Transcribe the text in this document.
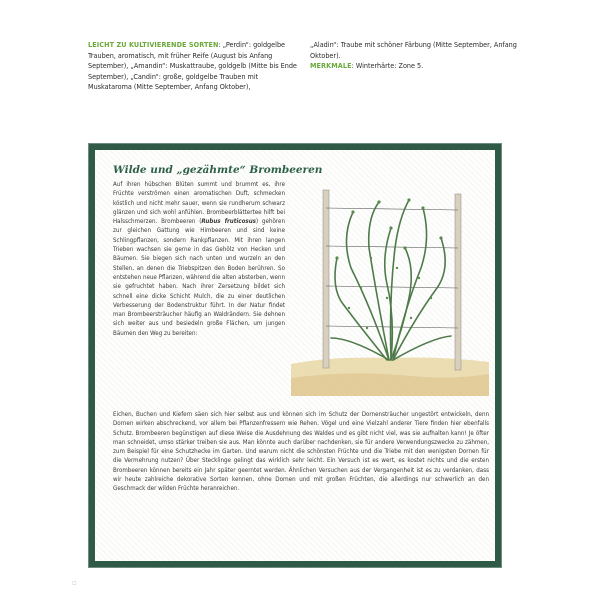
LEICHT ZU KULTIVIERENDE SORTEN: „Perdin“: goldgelbe Trauben, aromatisch, mit früher Reife (August bis Anfang September), „Amandin“: Muskattraube, goldgelb (Mitte bis Ende September), „Candin“: große, goldgelbe Trauben mit Muskataroma (Mitte September, Anfang Oktober),
„Aladin“: Traube mit schöner Färbung (Mitte September, Anfang Oktober).
MERKMALE: Winterhärte: Zone 5.
Wilde und „gezähmte“ Brombeeren
Auf ihren hübschen Blüten summt und brummt es, ihre Früchte verströmen einen aromatischen Duft, schmecken köstlich und nicht mehr sauer, wenn sie rundherum schwarz glänzen und sich wohl anfühlen. Brombeerblättertee hilft bei Halsschmerzen. Brombeeren (Rubus fruticosus) gehören zur gleichen Gattung wie Himbeeren und sind keine Schlingpflanzen, sondern Rankpflanzen. Mit ihren langen Trieben wachsen sie gerne in das Gehölz von Hecken und Bäumen. Sie biegen sich nach unten und wurzeln an den Stellen, an denen die Triebspitzen den Boden berühren. So entstehen neue Pflanzen, während die alten absterben, wenn sie gefruchtet haben. Nach ihrer Zersetzung bildet sich schnell eine dicke Schicht Mulch, die zu einer deutlichen Verbesserung der Bodenstruktur führt. In der Natur findet man Brombeersträucher häufig an Waldrändern. Sie dehnen sich weiter aus und besiedeln große Flächen, um jungen Bäumen den Weg zu bereiten:
Eichen, Buchen und Kiefern säen sich hier selbst aus und können sich im Schutz der Dornensträucher ungestört entwickeln, denn Dornen wirken abschreckend, vor allem bei Pflanzenfressern wie Rehen. Vögel und eine Vielzahl anderer Tiere finden hier ebenfalls Schutz. Brombeeren begünstigen auf diese Weise die Ausdehnung des Waldes und es gibt nicht viel, was sie aufhalten kann! Je öfter man schneidet, umso stärker treiben sie aus. Man könnte auch darüber nachdenken, sie für andere Verwendungszwecke zu zähmen, zum Beispiel für eine Schutzhecke im Garten. Und warum nicht die schönsten Früchte und die Triebe mit den wenigsten Dornen für die Vermehrung nutzen? Über Stecklinge gelingt das wirklich sehr leicht. Ein Versuch ist es wert, es kostet nichts und die ersten Brombeeren können bereits ein Jahr später geerntet werden. Ähnlichen Versuchen aus der Vergangenheit ist es zu verdanken, dass wir heute zahlreiche dekorative Sorten kennen, ohne Dornen und mit großen Früchten, die allerdings nur schwerlich an den Geschmack der wilden Früchte heranreichen.
▫
